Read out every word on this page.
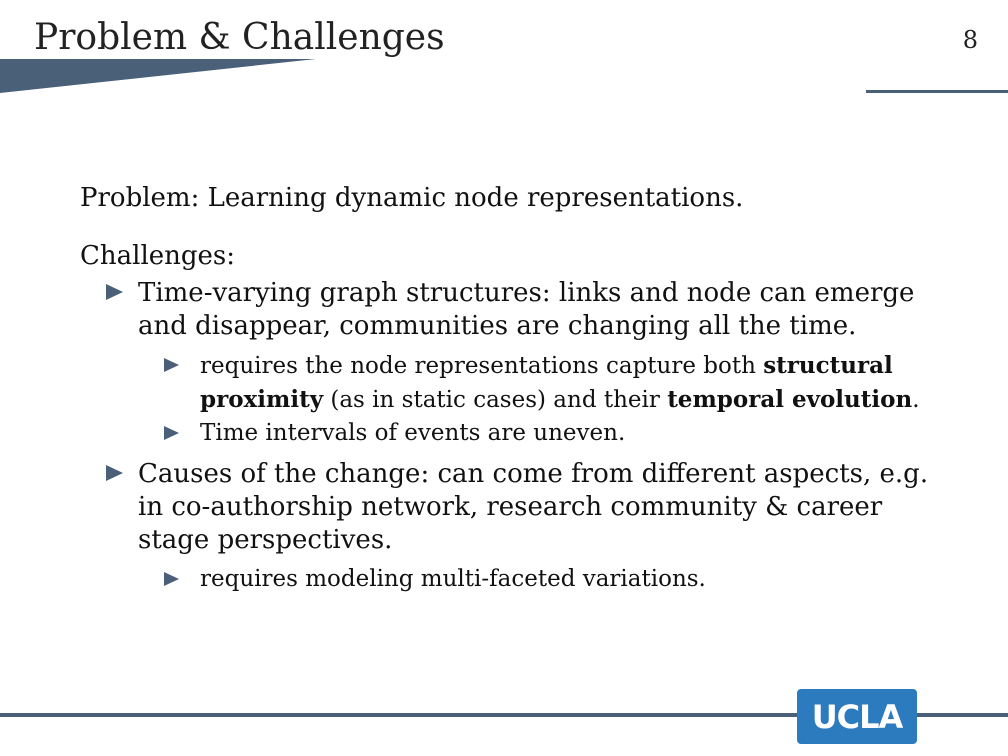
Problem & Challenges	8

Problem: Learning dynamic node representations.

Challenges:

Time-varying graph structures: links and node can emerge and disappear, communities are changing all the time.
requires the node representations capture both structural proximity (as in static cases) and their temporal evolution.
Time intervals of events are uneven.
Causes of the change: can come from different aspects, e.g. in co-authorship network, research community & career stage perspectives.
requires modeling multi-faceted variations.
UCLA
